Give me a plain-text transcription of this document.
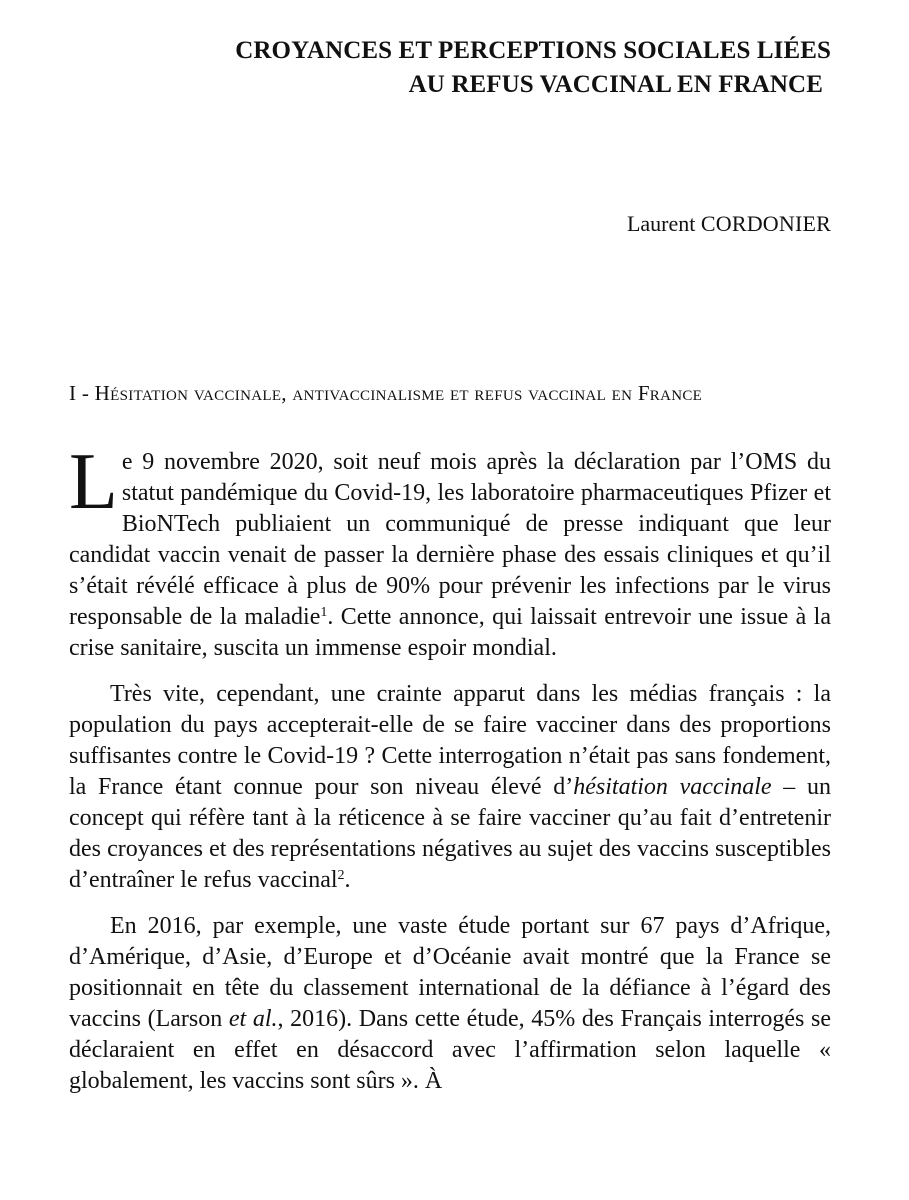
CROYANCES ET PERCEPTIONS SOCIALES LIÉES
AU REFUS VACCINAL EN FRANCE
Laurent CORDONIER
I - Hésitation vaccinale, antivaccinalisme et refus vaccinal en France

Le 9 novembre 2020, soit neuf mois après la déclaration par l’OMS du statut pandémique du Covid-19, les laboratoire pharmaceutiques Pfizer et BioNTech publiaient un communiqué de presse indiquant que leur candidat vaccin venait de passer la dernière phase des essais cliniques et qu’il s’était révélé efficace à plus de 90% pour prévenir les infections par le virus responsable de la maladie$^1$. Cette annonce, qui laissait entrevoir une issue à la crise sanitaire, suscita un immense espoir mondial.

Très vite, cependant, une crainte apparut dans les médias français : la population du pays accepterait-elle de se faire vacciner dans des proportions suffisantes contre le Covid-19 ? Cette interrogation n’était pas sans fondement, la France étant connue pour son niveau élevé d’hésitation vaccinale – un concept qui réfère tant à la réticence à se faire vacciner qu’au fait d’entretenir des croyances et des représentations négatives au sujet des vaccins susceptibles d’entraîner le refus vaccinal$^2$.

En 2016, par exemple, une vaste étude portant sur 67 pays d’Afrique, d’Amérique, d’Asie, d’Europe et d’Océanie avait montré que la France se positionnait en tête du classement international de la défiance à l’égard des vaccins (Larson et al., 2016). Dans cette étude, 45% des Français interrogés se déclaraient en effet en désaccord avec l’affirmation selon laquelle « globalement, les vaccins sont sûrs ». À
